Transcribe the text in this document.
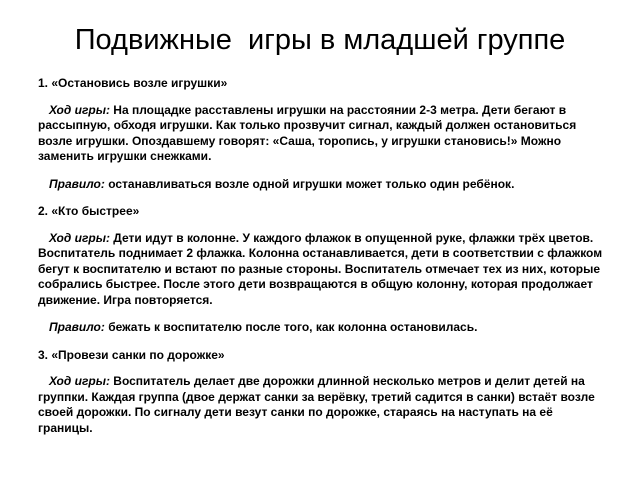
Подвижные  игры в младшей группе

1. «Остановись возле игрушки»

Ход игры: На площадке расставлены игрушки на расстоянии 2-3 метра. Дети бегают в рассыпную, обходя игрушки. Как только прозвучит сигнал, каждый должен остановиться возле игрушки. Опоздавшему говорят: «Саша, торопись, у игрушки становись!» Можно заменить игрушки снежками.

Правило: останавливаться возле одной игрушки может только один ребёнок.

2. «Кто быстрее»

Ход игры: Дети идут в колонне. У каждого флажок в опущенной руке, флажки трёх цветов. Воспитатель поднимает 2 флажка. Колонна останавливается, дети в соответствии с флажком бегут к воспитателю и встают по разные стороны. Воспитатель отмечает тех из них, которые собрались быстрее. После этого дети возвращаются в общую колонну, которая продолжает движение. Игра повторяется.

Правило: бежать к воспитателю после того, как колонна остановилась.

3. «Провези санки по дорожке»

Ход игры: Воспитатель делает две дорожки длинной несколько метров и делит детей на группки. Каждая группа (двое держат санки за верёвку, третий садится в санки) встаёт возле своей дорожки. По сигналу дети везут санки по дорожке, стараясь на наступать на её границы.
